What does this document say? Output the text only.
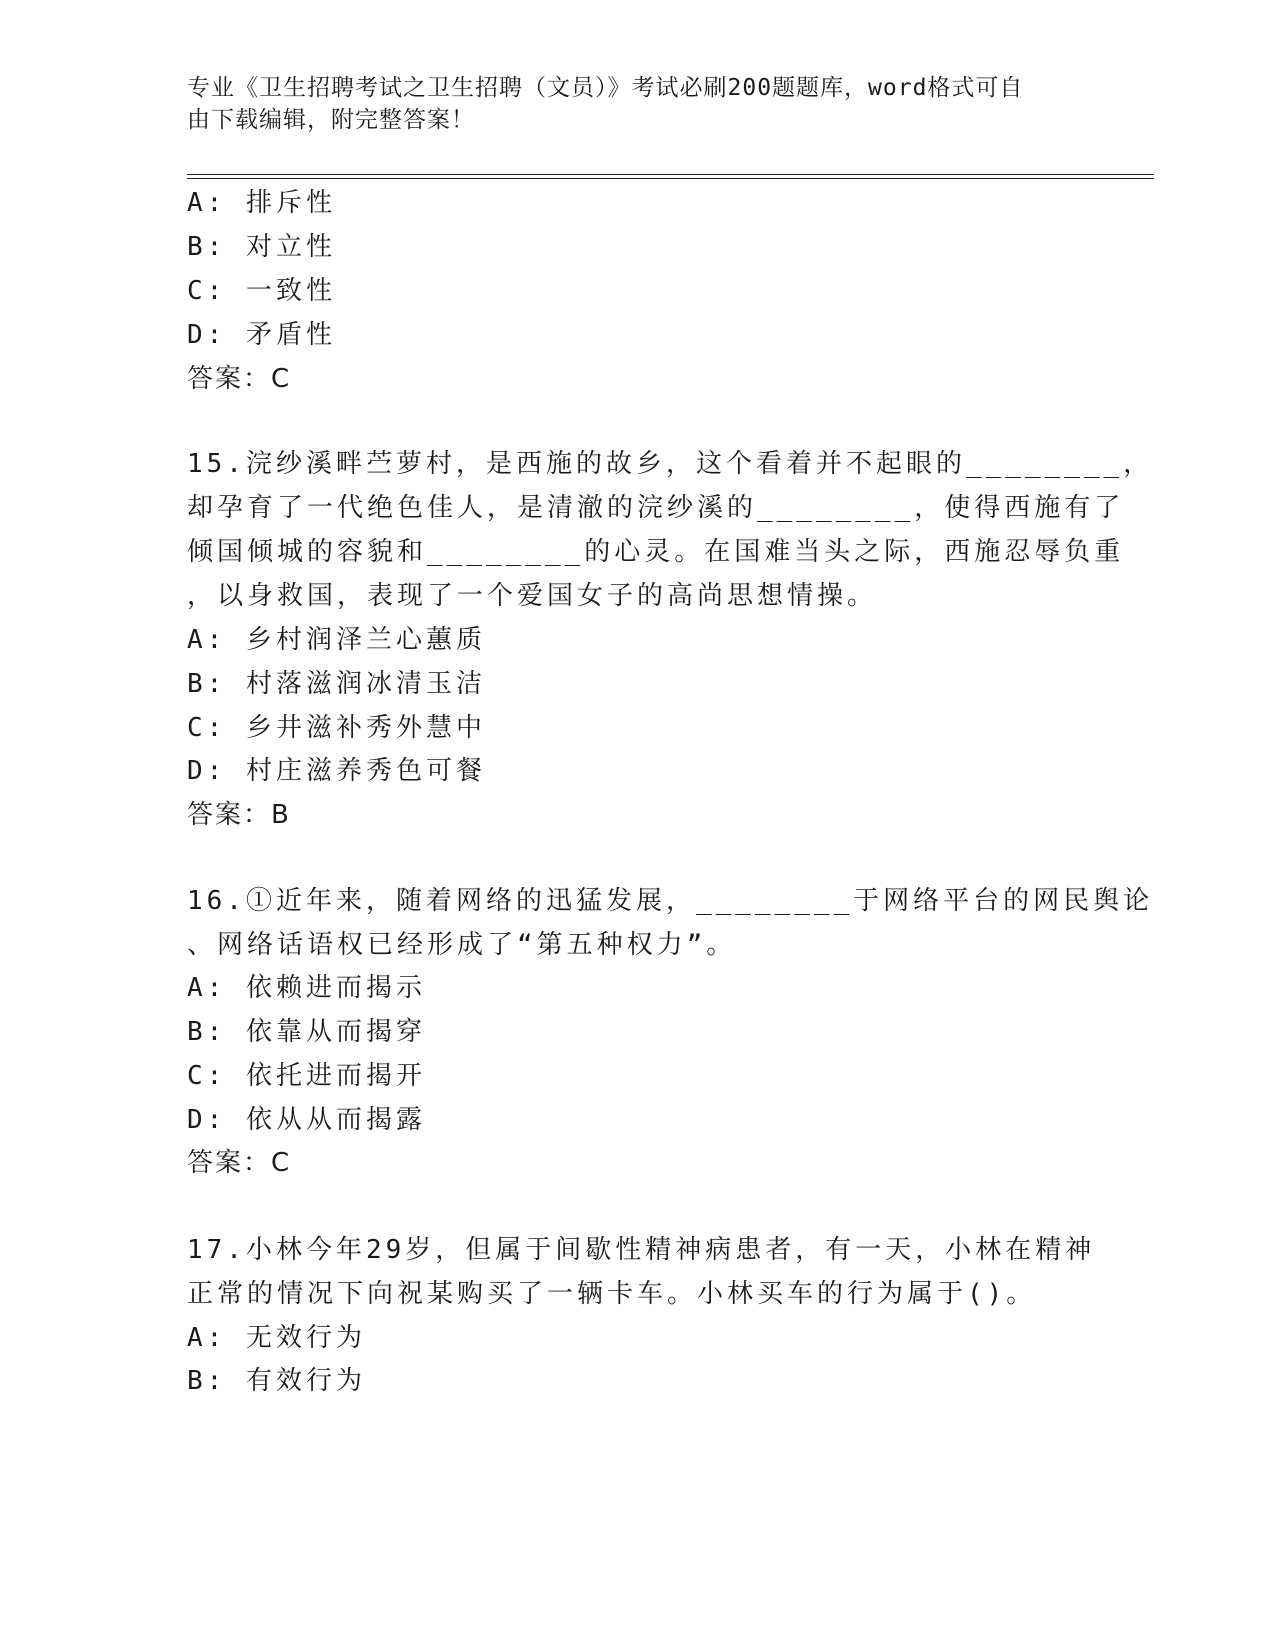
专业《卫生招聘考试之卫生招聘（文员）》考试必刷200题题库，word格式可自
由下载编辑，附完整答案！
A: 排斥性
B: 对立性
C: 一致性
D: 矛盾性
答案：C
15.浣纱溪畔苎萝村，是西施的故乡，这个看着并不起眼的________，
却孕育了一代绝色佳人，是清澈的浣纱溪的________，使得西施有了
倾国倾城的容貌和________的心灵。在国难当头之际，西施忍辱负重
，以身救国，表现了一个爱国女子的高尚思想情操。
A: 乡村润泽兰心蕙质
B: 村落滋润冰清玉洁
C: 乡井滋补秀外慧中
D: 村庄滋养秀色可餐
答案：B
16.①近年来，随着网络的迅猛发展，________于网络平台的网民舆论
、网络话语权已经形成了“第五种权力”。
A: 依赖进而揭示
B: 依靠从而揭穿
C: 依托进而揭开
D: 依从从而揭露
答案：C
17.小林今年29岁，但属于间歇性精神病患者，有一天，小林在精神
正常的情况下向祝某购买了一辆卡车。小林买车的行为属于()。
A: 无效行为
B: 有效行为
